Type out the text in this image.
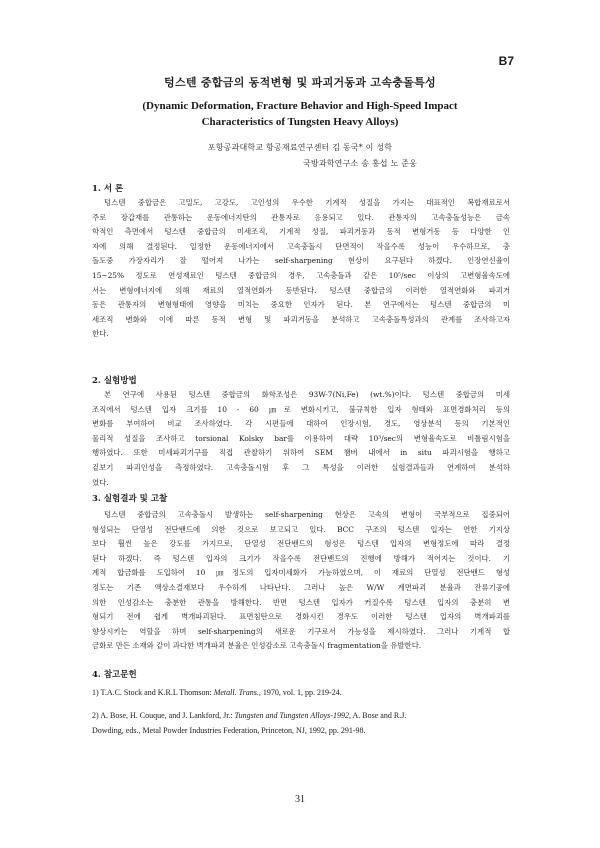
B7
텅스텐 중합금의 동적변형 및 파괴거동과 고속충돌특성
(Dynamic Deformation, Fracture Behavior and High-Speed Impact
Characteristics of Tungsten Heavy Alloys)
포항공과대학교 항공재료연구센터 김 동국* 이 성학
국방과학연구소 송 홍섭 노 준웅
1. 서 론
텅스텐 중합금은 고밀도, 고강도, 고인성의 우수한 기계적 성질을 가지는 대표적인 복합재료로서
주로 장갑재를 관통하는 운동에너지탄의 관통자로 응용되고 있다. 관통자의 고속충돌성능은 금속
학적인 측면에서 텅스텐 중합금의 미세조직, 기계적 성질, 파괴거동과 동적 변형거동 등 다양한 인
자에 의해 결정된다. 일정한 운동에너지에서 고속충돌시 단면적이 작을수록 성능이 우수하므로, 충
돌도중 가장자리가 잘 떨어져 나가는 self-sharpening 현상이 요구된다 하겠다. 인장연신율이
15~25% 정도로 연성재료인 텅스텐 중합금의 경우, 고속충돌과 같은 10⁵/sec 이상의 고변형율속도에
서는 변형에너지에 의해 재료의 열적연화가 동반된다. 텅스텐 중합금의 이러한 열적연화와 파괴거
동은 관통자의 변형형태에 영향을 미치는 중요한 인자가 된다. 본 연구에서는 텅스텐 중합금의 미
세조직 변화와 이에 따른 동적 변형 및 파괴거동을 분석하고 고속충돌특성과의 관계를 조사하고자
한다.
2. 실험방법
본 연구에 사용된 텅스텐 중합금의 화학조성은 93W-7(Ni,Fe) (wt.%)이다. 텅스텐 중합금의 미세
조직에서 텅스텐 입자 크기를 10 - 60 ㎛로 변화시키고, 불규칙한 입자 형태와 표면경화처리 등의
변화를 부여하여 비교 조사하였다. 각 시편들에 대하여 인장시험, 경도, 영상분석 등의 기본적인
물리적 성질을 조사하고 torsional Kolsky bar를 이용하여 대략 10³/sec의 변형율속도로 비틀림시험을
행하였다. 또한 미세파괴기구를 직접 관찰하기 위하여 SEM 챔버 내에서 in situ 파괴시험을 행하고
겉보기 파괴인성을 측정하였다. 고속충돌시험 후 그 특성을 이러한 실험결과들과 연계하여 분석하
였다.
3. 실험결과 및 고찰
텅스텐 중합금의 고속충돌시 발생하는 self-sharpening 현상은 고속의 변형이 국부적으로 집중되어
형성되는 단열성 전단밴드에 의한 것으로 보고되고 있다. BCC 구조의 텅스텐 입자는 연한 기지상
보다 훨씬 높은 강도를 가지므로, 단열성 전단밴드의 형성은 텅스텐 입자의 변형정도에 따라 결정
된다 하겠다. 즉 텅스텐 입자의 크기가 작을수록 전단밴드의 진행에 방해가 적어지는 것이다. 기
계적 합금화를 도입하여 10 ㎛정도의 입자미세화가 가능하였으며, 이 재료의 단열성 전단밴드 형성
정도는 기존 액상소결재보다 우수하게 나타난다. 그러나 높은 W/W 계면파괴 분율과 잔류기공에
의한 인성감소는 충분한 관통을 방해한다. 반면 텅스텐 입자가 커질수록 텅스텐 입자의 충분히 변
형되기 전에 쉽게 벽개파괴된다. 표면침탄으로 경화시킨 경우도 이러한 텅스텐 입자의 벽개파괴를
향상시키는 역할을 하며 self-sharpening의 새로운 기구로서 가능성을 제시하였다. 그러나 기계적 합
금화로 만든 소재와 같이 과다한 벽개파괴 분율은 인성감소로 고속충돌시 fragmentation을 유발한다.
4. 참고문헌
1) T.A.C. Stock and K.R.L Thomson: Metall. Trans., 1970, vol. 1, pp. 219-24.
2) A. Bose, H. Couque, and J. Lankford, Jr.: Tungsten and Tungsten Alloys-1992, A. Bose and R.J.
Dowding, eds., Metal Powder Industries Federation, Princeton, NJ, 1992, pp. 291-98.
31
